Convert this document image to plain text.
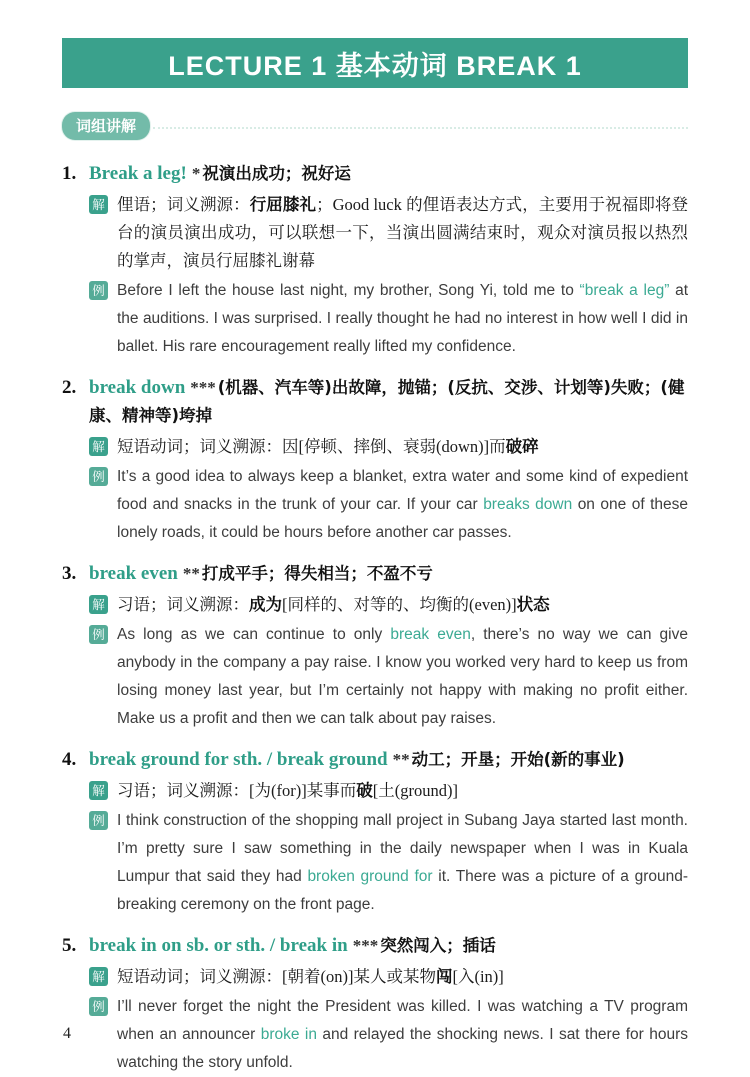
LECTURE 1 基本动词 BREAK 1
词组讲解
1. Break a leg! * 祝演出成功；祝好运
解 俚语；词义溯源：行屈膝礼；Good luck 的俚语表达方式，主要用于祝福即将登台的演员演出成功，可以联想一下，当演出圆满结束时，观众对演员报以热烈的掌声，演员行屈膝礼谢幕

例 Before I left the house last night, my brother, Song Yi, told me to “break a leg” at the auditions. I was surprised. I really thought he had no interest in how well I did in ballet. His rare encouragement really lifted my confidence.

2. break down *** (机器、汽车等)出故障，抛锚；(反抗、交涉、计划等)失败；(健康、精神等)垮掉
解 短语动词；词义溯源：因[停顿、摔倒、衰弱(down)]而破碎

例 It’s a good idea to always keep a blanket, extra water and some kind of expedient food and snacks in the trunk of your car. If your car breaks down on one of these lonely roads, it could be hours before another car passes.

3. break even ** 打成平手；得失相当；不盈不亏
解 习语；词义溯源：成为[同样的、对等的、均衡的(even)]状态

例 As long as we can continue to only break even, there’s no way we can give anybody in the company a pay raise. I know you worked very hard to keep us from losing money last year, but I’m certainly not happy with making no profit either. Make us a profit and then we can talk about pay raises.

4. break ground for sth. / break ground ** 动工；开垦；开始(新的事业)
解 习语；词义溯源：[为(for)]某事而破[土(ground)]

例 I think construction of the shopping mall project in Subang Jaya started last month. I’m pretty sure I saw something in the daily newspaper when I was in Kuala Lumpur that said they had broken ground for it. There was a picture of a ground-breaking ceremony on the front page.

5. break in on sb. or sth. / break in *** 突然闯入；插话
解 短语动词；词义溯源：[朝着(on)]某人或某物闯[入(in)]

例 I’ll never forget the night the President was killed. I was watching a TV program when an announcer broke in and relayed the shocking news. I sat there for hours watching the story unfold.

4
